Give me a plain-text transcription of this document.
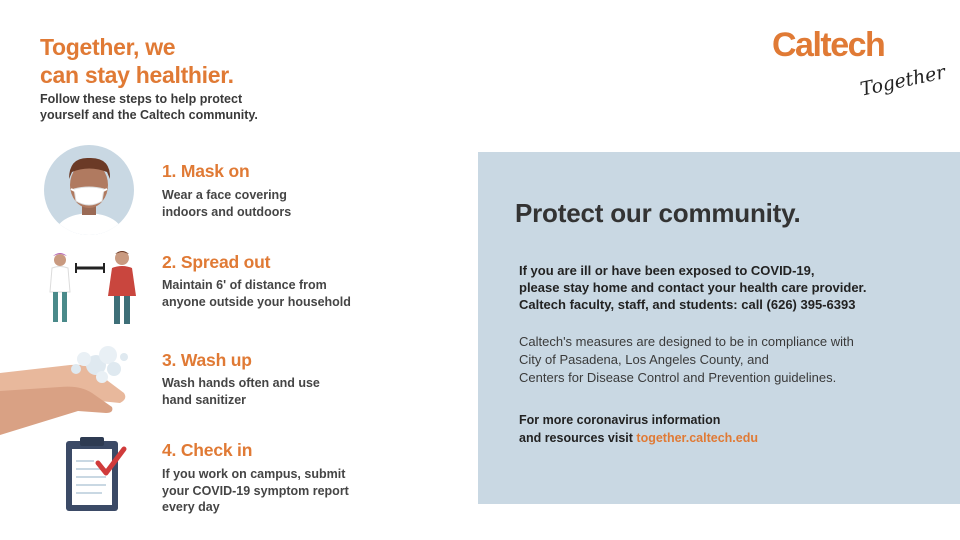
Together, we
can stay healthier.
Follow these steps to help protect
yourself and the Caltech community.
1. Mask on
Wear a face covering
indoors and outdoors
2. Spread out
Maintain 6' of distance from
anyone outside your household
3. Wash up
Wash hands often and use
hand sanitizer
4. Check in
If you work on campus, submit
your COVID-19 symptom report
every day
Caltech
Together
Protect our community.
If you are ill or have been exposed to COVID-19,
please stay home and contact your health care provider.
Caltech faculty, staff, and students: call (626) 395-6393
Caltech's measures are designed to be in compliance with
City of Pasadena, Los Angeles County, and
Centers for Disease Control and Prevention guidelines.
For more coronavirus information
and resources visit together.caltech.edu
